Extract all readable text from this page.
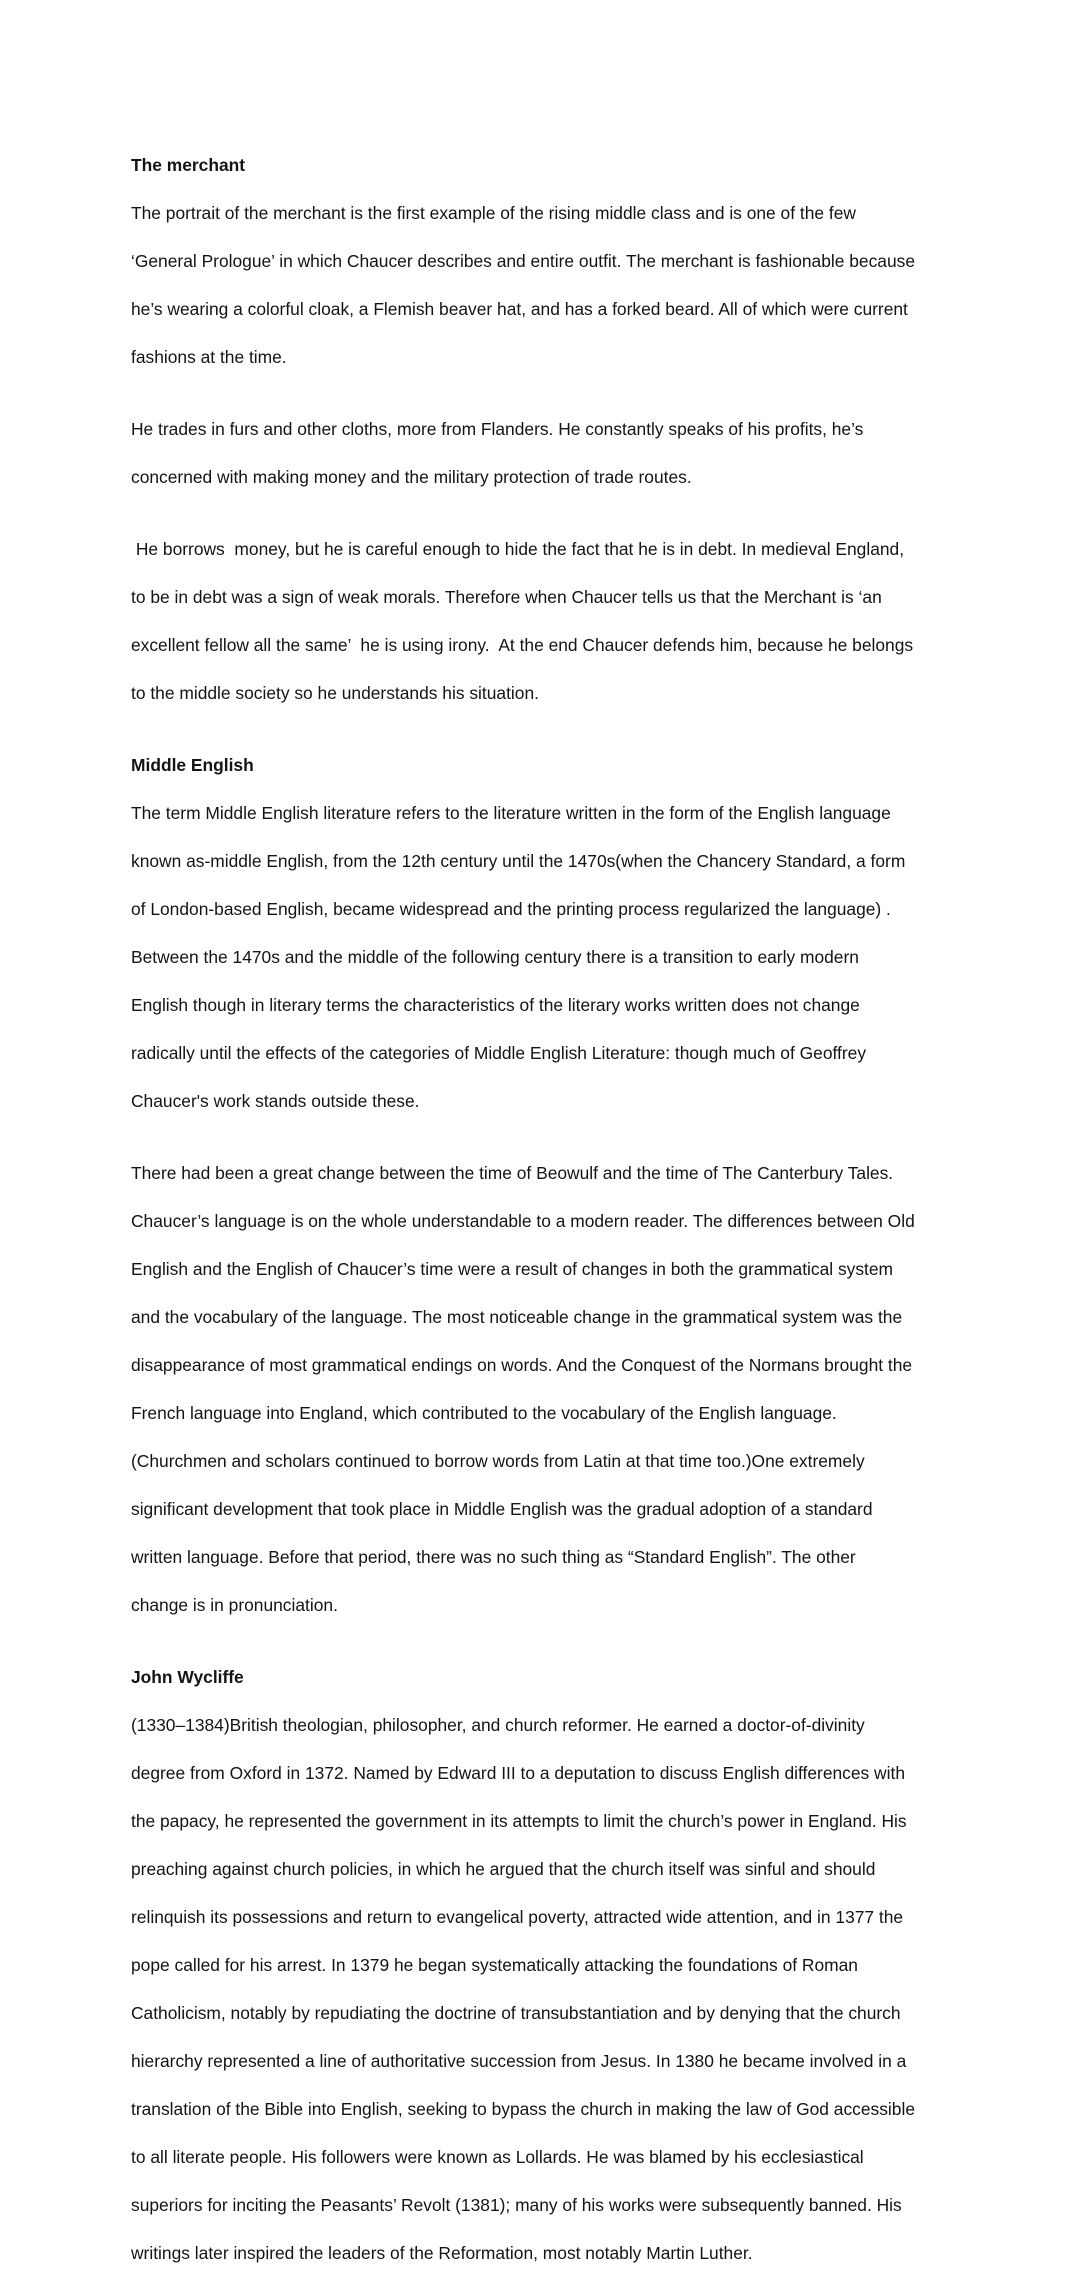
The merchant

The portrait of the merchant is the first example of the rising middle class and is one of the few

‘General Prologue’ in which Chaucer describes and entire outfit. The merchant is fashionable because

he’s wearing a colorful cloak, a Flemish beaver hat, and has a forked beard. All of which were current

fashions at the time.

He trades in furs and other cloths, more from Flanders. He constantly speaks of his profits, he’s

concerned with making money and the military protection of trade routes.

He borrows  money, but he is careful enough to hide the fact that he is in debt. In medieval England,

to be in debt was a sign of weak morals. Therefore when Chaucer tells us that the Merchant is ‘an

excellent fellow all the same’  he is using irony.  At the end Chaucer defends him, because he belongs

to the middle society so he understands his situation.

Middle English

The term Middle English literature refers to the literature written in the form of the English language

known as-middle English, from the 12th century until the 1470s(when the Chancery Standard, a form

of London-based English, became widespread and the printing process regularized the language) .

Between the 1470s and the middle of the following century there is a transition to early modern

English though in literary terms the characteristics of the literary works written does not change

radically until the effects of the categories of Middle English Literature: though much of Geoffrey

Chaucer's work stands outside these.

There had been a great change between the time of Beowulf and the time of The Canterbury Tales.

Chaucer’s language is on the whole understandable to a modern reader. The differences between Old

English and the English of Chaucer’s time were a result of changes in both the grammatical system

and the vocabulary of the language. The most noticeable change in the grammatical system was the

disappearance of most grammatical endings on words. And the Conquest of the Normans brought the

French language into England, which contributed to the vocabulary of the English language.

(Churchmen and scholars continued to borrow words from Latin at that time too.)One extremely

significant development that took place in Middle English was the gradual adoption of a standard

written language. Before that period, there was no such thing as “Standard English”. The other

change is in pronunciation.

John Wycliffe

(1330–1384)British theologian, philosopher, and church reformer. He earned a doctor-of-divinity

degree from Oxford in 1372. Named by Edward III to a deputation to discuss English differences with

the papacy, he represented the government in its attempts to limit the church’s power in England. His

preaching against church policies, in which he argued that the church itself was sinful and should

relinquish its possessions and return to evangelical poverty, attracted wide attention, and in 1377 the

pope called for his arrest. In 1379 he began systematically attacking the foundations of Roman

Catholicism, notably by repudiating the doctrine of transubstantiation and by denying that the church

hierarchy represented a line of authoritative succession from Jesus. In 1380 he became involved in a

translation of the Bible into English, seeking to bypass the church in making the law of God accessible

to all literate people. His followers were known as Lollards. He was blamed by his ecclesiastical

superiors for inciting the Peasants’ Revolt (1381); many of his works were subsequently banned. His

writings later inspired the leaders of the Reformation, most notably Martin Luther.
